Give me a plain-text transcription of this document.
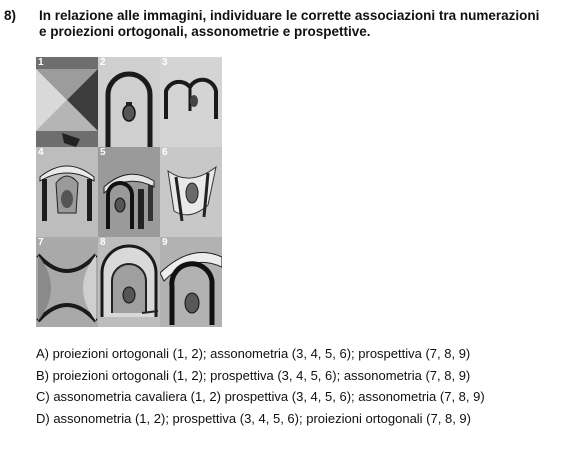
8) In relazione alle immagini, individuare le corrette associazioni tra numerazioni
e proiezioni ortogonali, assonometrie e prospettive.
1	2	3
4	5	6
7	8	9
A) proiezioni ortogonali (1, 2); assonometria (3, 4, 5, 6); prospettiva (7, 8, 9)
B) proiezioni ortogonali (1, 2); prospettiva (3, 4, 5, 6); assonometria (7, 8, 9)
C) assonometria cavaliera (1, 2) prospettiva (3, 4, 5, 6); assonometria (7, 8, 9)
D) assonometria (1, 2); prospettiva (3, 4, 5, 6); proiezioni ortogonali (7, 8, 9)
